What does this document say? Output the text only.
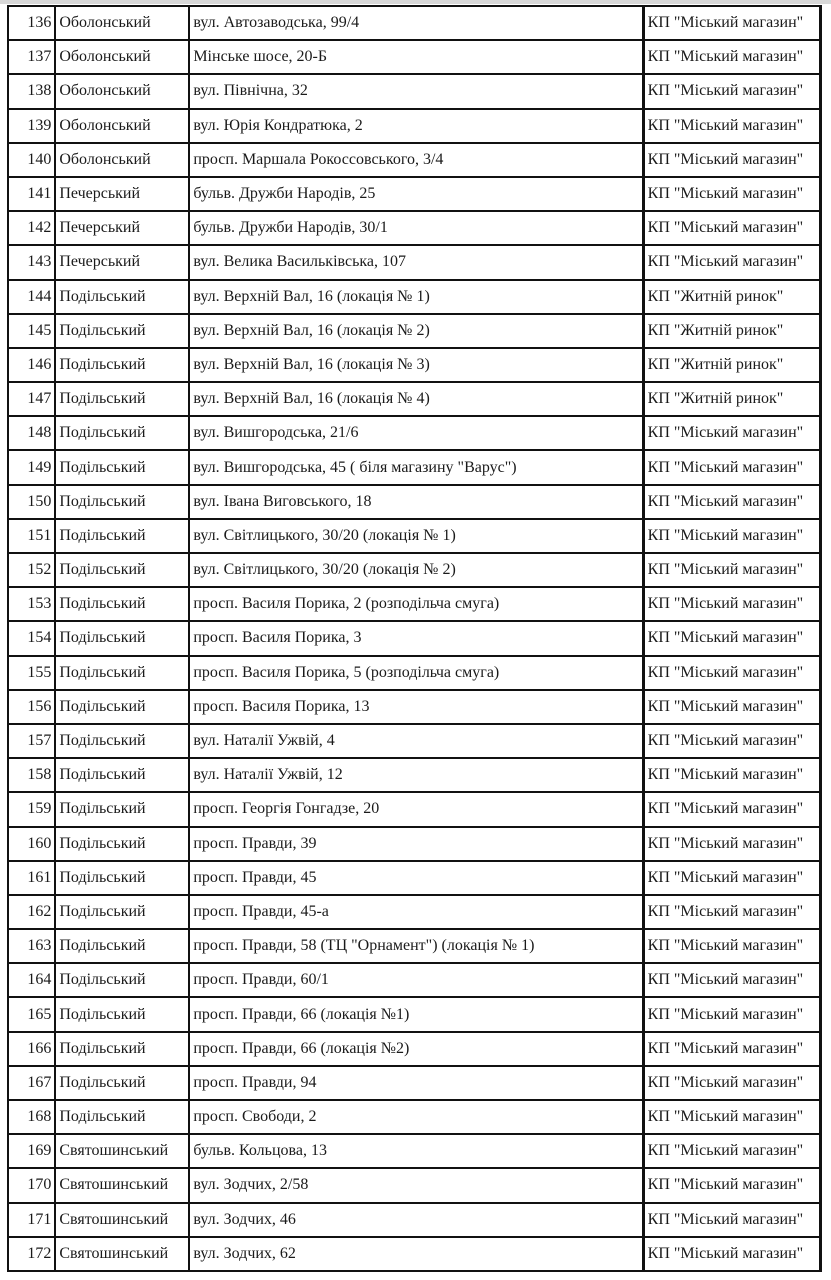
136	Оболонський	вул. Автозаводська, 99/4	КП "Міський магазин"
137	Оболонський	Мінське шосе, 20-Б	КП "Міський магазин"
138	Оболонський	вул. Північна, 32	КП "Міський магазин"
139	Оболонський	вул. Юрія Кондратюка, 2	КП "Міський магазин"
140	Оболонський	просп. Маршала Рокоссовського, 3/4	КП "Міський магазин"
141	Печерський	бульв. Дружби Народів, 25	КП "Міський магазин"
142	Печерський	бульв. Дружби Народів, 30/1	КП "Міський магазин"
143	Печерський	вул. Велика Васильківська, 107	КП "Міський магазин"
144	Подільський	вул. Верхній Вал, 16 (локація № 1)	КП "Житній ринок"
145	Подільський	вул. Верхній Вал, 16 (локація № 2)	КП "Житній ринок"
146	Подільський	вул. Верхній Вал, 16 (локація № 3)	КП "Житній ринок"
147	Подільський	вул. Верхній Вал, 16 (локація № 4)	КП "Житній ринок"
148	Подільський	вул. Вишгородська, 21/6	КП "Міський магазин"
149	Подільський	вул. Вишгородська, 45 ( біля магазину "Варус")	КП "Міський магазин"
150	Подільський	вул. Івана Виговського, 18	КП "Міський магазин"
151	Подільський	вул. Світлицького, 30/20 (локація № 1)	КП "Міський магазин"
152	Подільський	вул. Світлицького, 30/20 (локація № 2)	КП "Міський магазин"
153	Подільський	просп. Василя Порика, 2 (розподільча смуга)	КП "Міський магазин"
154	Подільський	просп. Василя Порика, 3	КП "Міський магазин"
155	Подільський	просп. Василя Порика, 5 (розподільча смуга)	КП "Міський магазин"
156	Подільський	просп. Василя Порика, 13	КП "Міський магазин"
157	Подільський	вул. Наталії Ужвій, 4	КП "Міський магазин"
158	Подільський	вул. Наталії Ужвій, 12	КП "Міський магазин"
159	Подільський	просп. Георгія Гонгадзе, 20	КП "Міський магазин"
160	Подільський	просп. Правди, 39	КП "Міський магазин"
161	Подільський	просп. Правди, 45	КП "Міський магазин"
162	Подільський	просп. Правди, 45-а	КП "Міський магазин"
163	Подільський	просп. Правди, 58 (ТЦ "Орнамент") (локація № 1)	КП "Міський магазин"
164	Подільський	просп. Правди, 60/1	КП "Міський магазин"
165	Подільський	просп. Правди, 66 (локація №1)	КП "Міський магазин"
166	Подільський	просп. Правди, 66 (локація №2)	КП "Міський магазин"
167	Подільський	просп. Правди, 94	КП "Міський магазин"
168	Подільський	просп. Свободи, 2	КП "Міський магазин"
169	Святошинський	бульв. Кольцова, 13	КП "Міський магазин"
170	Святошинський	вул. Зодчих, 2/58	КП "Міський магазин"
171	Святошинський	вул. Зодчих, 46	КП "Міський магазин"
172	Святошинський	вул. Зодчих, 62	КП "Міський магазин"
